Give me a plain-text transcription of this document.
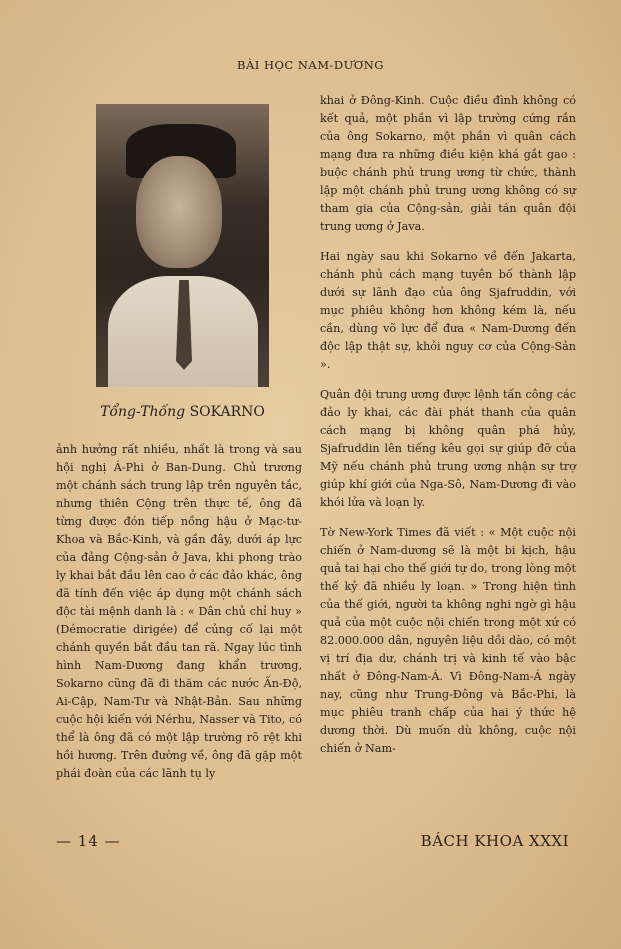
BÀI HỌC NAM-DƯƠNG
Tổng-Thống SOKARNO

ảnh hưởng rất nhiều, nhất là trong và sau hội nghị Á-Phi ở Ban-Dung. Chủ trương một chánh sách trung lập trên nguyên tắc, nhưng thiên Cộng trên thực tế, ông đã từng được đón tiếp nồng hậu ở Mạc-tư-Khoa và Bắc-Kinh, và gần đây, dưới áp lực của đảng Cộng-sản ở Java, khi phong trào ly khai bắt đầu lên cao ở các đảo khác, ông đã tính đến việc áp dụng một chánh sách độc tài mệnh danh là : « Dân chủ chỉ huy » (Démocratie dirigée) để củng cố lại một chánh quyền bắt đầu tan rã. Ngay lúc tình hình Nam-Dương đang khẩn trương, Sokarno cũng đã đi thăm các nước Ấn-Độ, Ai-Cập, Nam-Tư và Nhật-Bản. Sau những cuộc hội kiến với Nérhu, Nasser và Tito, có thể là ông đã có một lập trường rõ rệt khi hồi hương. Trên đường về, ông đã gặp một phái đoàn của các lãnh tụ ly

khai ở Đông-Kinh. Cuộc điều đình không có kết quả, một phần vì lập trường cứng rắn của ông Sokarno, một phần vì quân cách mạng đưa ra những điều kiện khá gắt gao : buộc chánh phủ trung ương từ chức, thành lập một chánh phủ trung ương không có sự tham gia của Cộng-sản, giải tán quân đội trung ương ở Java.

Hai ngày sau khi Sokarno về đến Jakarta, chánh phủ cách mạng tuyên bố thành lập dưới sự lãnh đạo của ông Sjafruddin, với mục phiêu không hơn không kém là, nếu cần, dùng võ lực để đưa « Nam-Dương đến độc lập thật sự, khỏi nguy cơ của Cộng-Sản ».

Quân đội trung ương được lệnh tấn công các đảo ly khai, các đài phát thanh của quân cách mạng bị không quân phá hủy, Sjafruddin lên tiếng kêu gọi sự giúp đỡ của Mỹ nếu chánh phủ trung ương nhận sự trợ giúp khí giới của Nga-Sô, Nam-Dương đi vào khói lửa và loạn ly.

Tờ New-York Times đã viết : « Một cuộc nội chiến ở Nam-dương sẽ là một bi kịch, hậu quả tai hại cho thế giới tự do, trong lòng một thế kỷ đã nhiều ly loạn. » Trong hiện tình của thế giới, người ta không nghi ngờ gì hậu quả của một cuộc nội chiến trong một xứ có 82.000.000 dân, nguyên liệu dồi dào, có một vị trí địa dư, chánh trị và kinh tế vào bậc nhất ở Đông-Nam-Á. Vì Đông-Nam-Á ngày nay, cũng như Trung-Đông và Bắc-Phi, là mục phiêu tranh chấp của hai ý thức hệ dương thời. Dù muốn dù không, cuộc nội chiến ở Nam-

— 14 —	BÁCH KHOA XXXI
